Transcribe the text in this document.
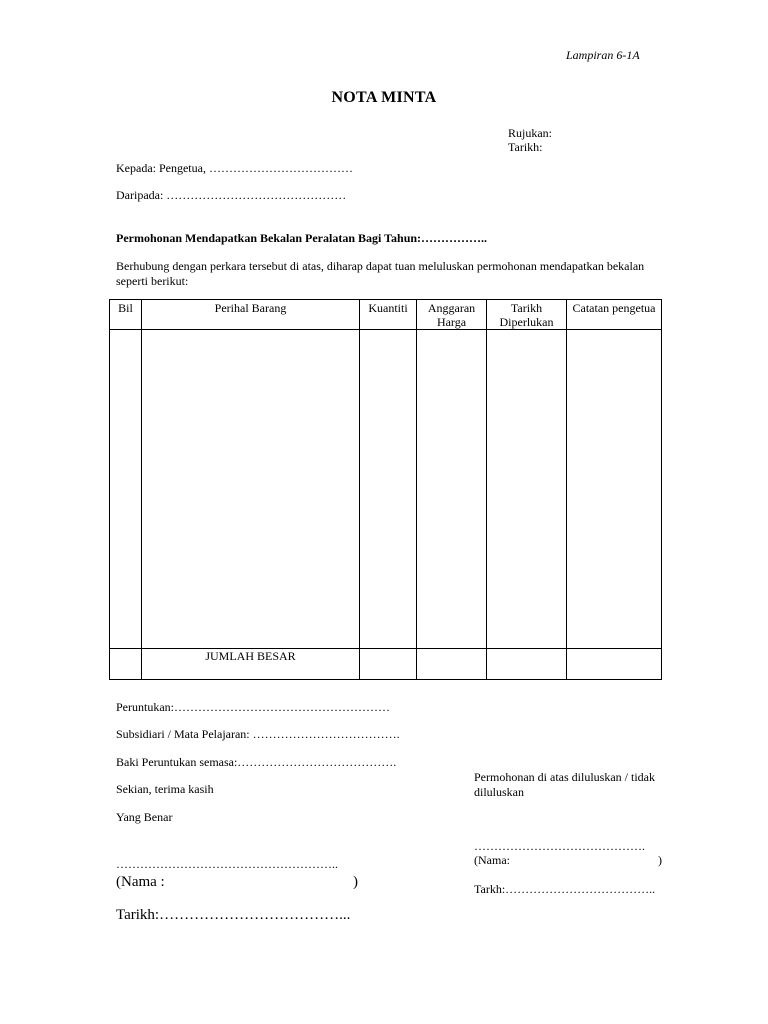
Lampiran 6-1A
NOTA MINTA
Rujukan:
Tarikh:
Kepada: Pengetua, ………………………………
Daripada: ………………………………………
Permohonan Mendapatkan Bekalan Peralatan Bagi Tahun:……………..
Berhubung dengan perkara tersebut di atas, diharap dapat tuan meluluskan permohonan mendapatkan bekalan seperti berikut:
Bil	Perihal Barang	Kuantiti	Anggaran Harga	Tarikh Diperlukan	Catatan pengetua

	JUMLAH BESAR				
Peruntukan:………………………………………………
Subsidiari / Mata Pelajaran: ……………………………….
Baki Peruntukan semasa:………………………………….
Sekian, terima kasih
Yang Benar
………………………………………………..
(Nama :	)
Tarikh:………………………………...
Permohonan di atas diluluskan / tidak diluluskan
…………………………………….
(Nama:	)
Tarkh:………………………………..
